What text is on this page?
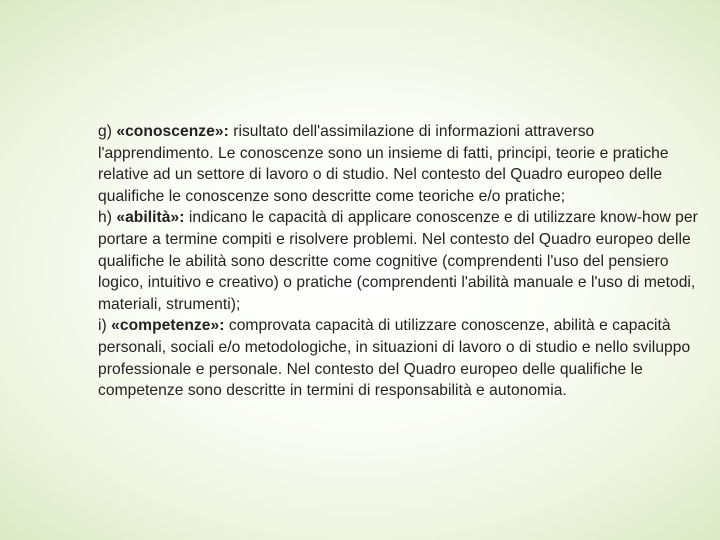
g) «conoscenze»: risultato dell'assimilazione di informazioni attraverso l'apprendimento. Le conoscenze sono un insieme di fatti, principi, teorie e pratiche relative ad un settore di lavoro o di studio. Nel contesto del Quadro europeo delle qualifiche le conoscenze sono descritte come teoriche e/o pratiche;

h) «abilità»: indicano le capacità di applicare conoscenze e di utilizzare know-how per portare a termine compiti e risolvere problemi. Nel contesto del Quadro europeo delle qualifiche le abilità sono descritte come cognitive (comprendenti l'uso del pensiero logico, intuitivo e creativo) o pratiche (comprendenti l'abilità manuale e l'uso di metodi, materiali, strumenti);

i) «competenze»: comprovata capacità di utilizzare conoscenze, abilità e capacità personali, sociali e/o metodologiche, in situazioni di lavoro o di studio e nello sviluppo professionale e personale. Nel contesto del Quadro europeo delle qualifiche le competenze sono descritte in termini di responsabilità e autonomia.
